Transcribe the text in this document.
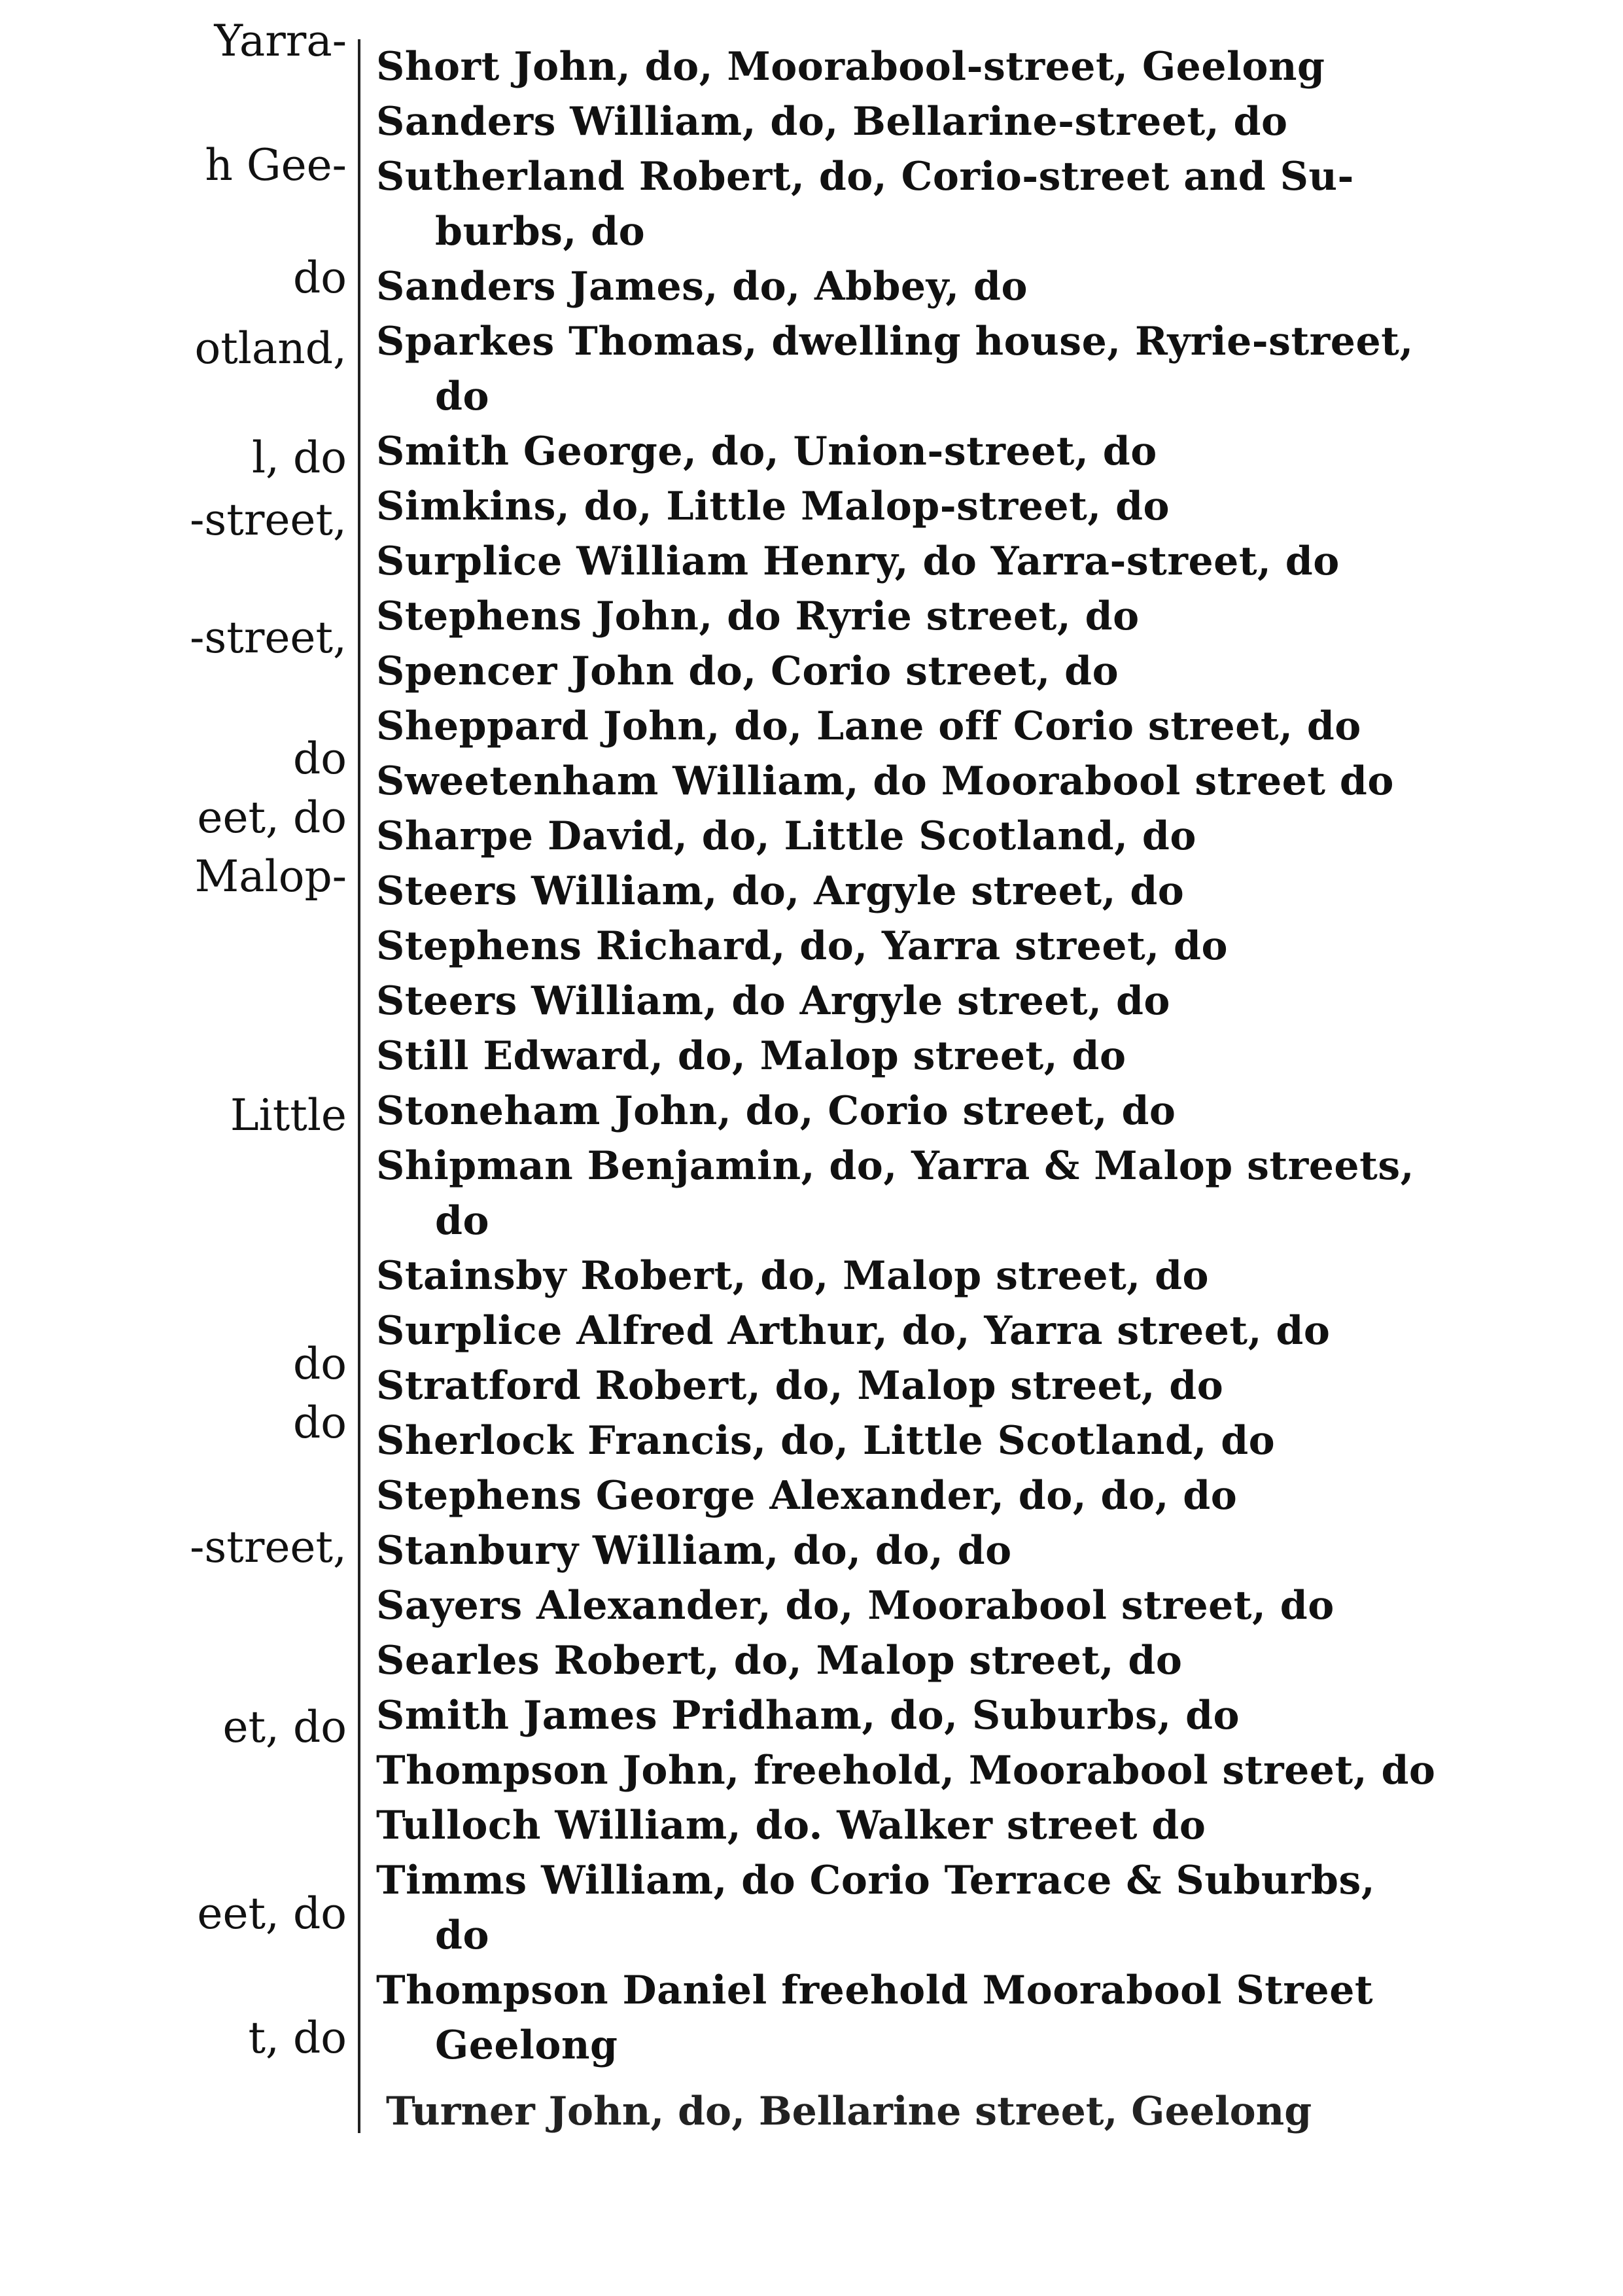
Yarra-
h Gee-
do
otland,
l, do
-street,
-street,
do
eet, do
Malop-
Little
do
do
-street,
et, do
eet, do
t, do
Short John, do, Moorabool-street, Geelong
Sanders William, do, Bellarine-street, do
Sutherland Robert, do, Corio-street and Su-
burbs, do
Sanders James, do, Abbey, do
Sparkes Thomas, dwelling house, Ryrie-street,
do
Smith George, do, Union-street, do
Simkins, do, Little Malop-street, do
Surplice William Henry, do Yarra-street, do
Stephens John, do Ryrie street, do
Spencer John do, Corio street, do
Sheppard John, do, Lane off Corio street, do
Sweetenham William, do Moorabool street do
Sharpe David, do, Little Scotland, do
Steers William, do, Argyle street, do
Stephens Richard, do, Yarra street, do
Steers William, do Argyle street, do
Still Edward, do, Malop street, do
Stoneham John, do, Corio street, do
Shipman Benjamin, do, Yarra & Malop streets,
do
Stainsby Robert, do, Malop street, do
Surplice Alfred Arthur, do, Yarra street, do
Stratford Robert, do, Malop street, do
Sherlock Francis, do, Little Scotland, do
Stephens George Alexander, do, do, do
Stanbury William, do, do, do
Sayers Alexander, do, Moorabool street, do
Searles Robert, do, Malop street, do
Smith James Pridham, do, Suburbs, do
Thompson John, freehold, Moorabool street, do
Tulloch William, do. Walker street do
Timms William, do Corio Terrace & Suburbs,
do
Thompson Daniel freehold Moorabool Street
Geelong
Turner John, do, Bellarine street, Geelong
